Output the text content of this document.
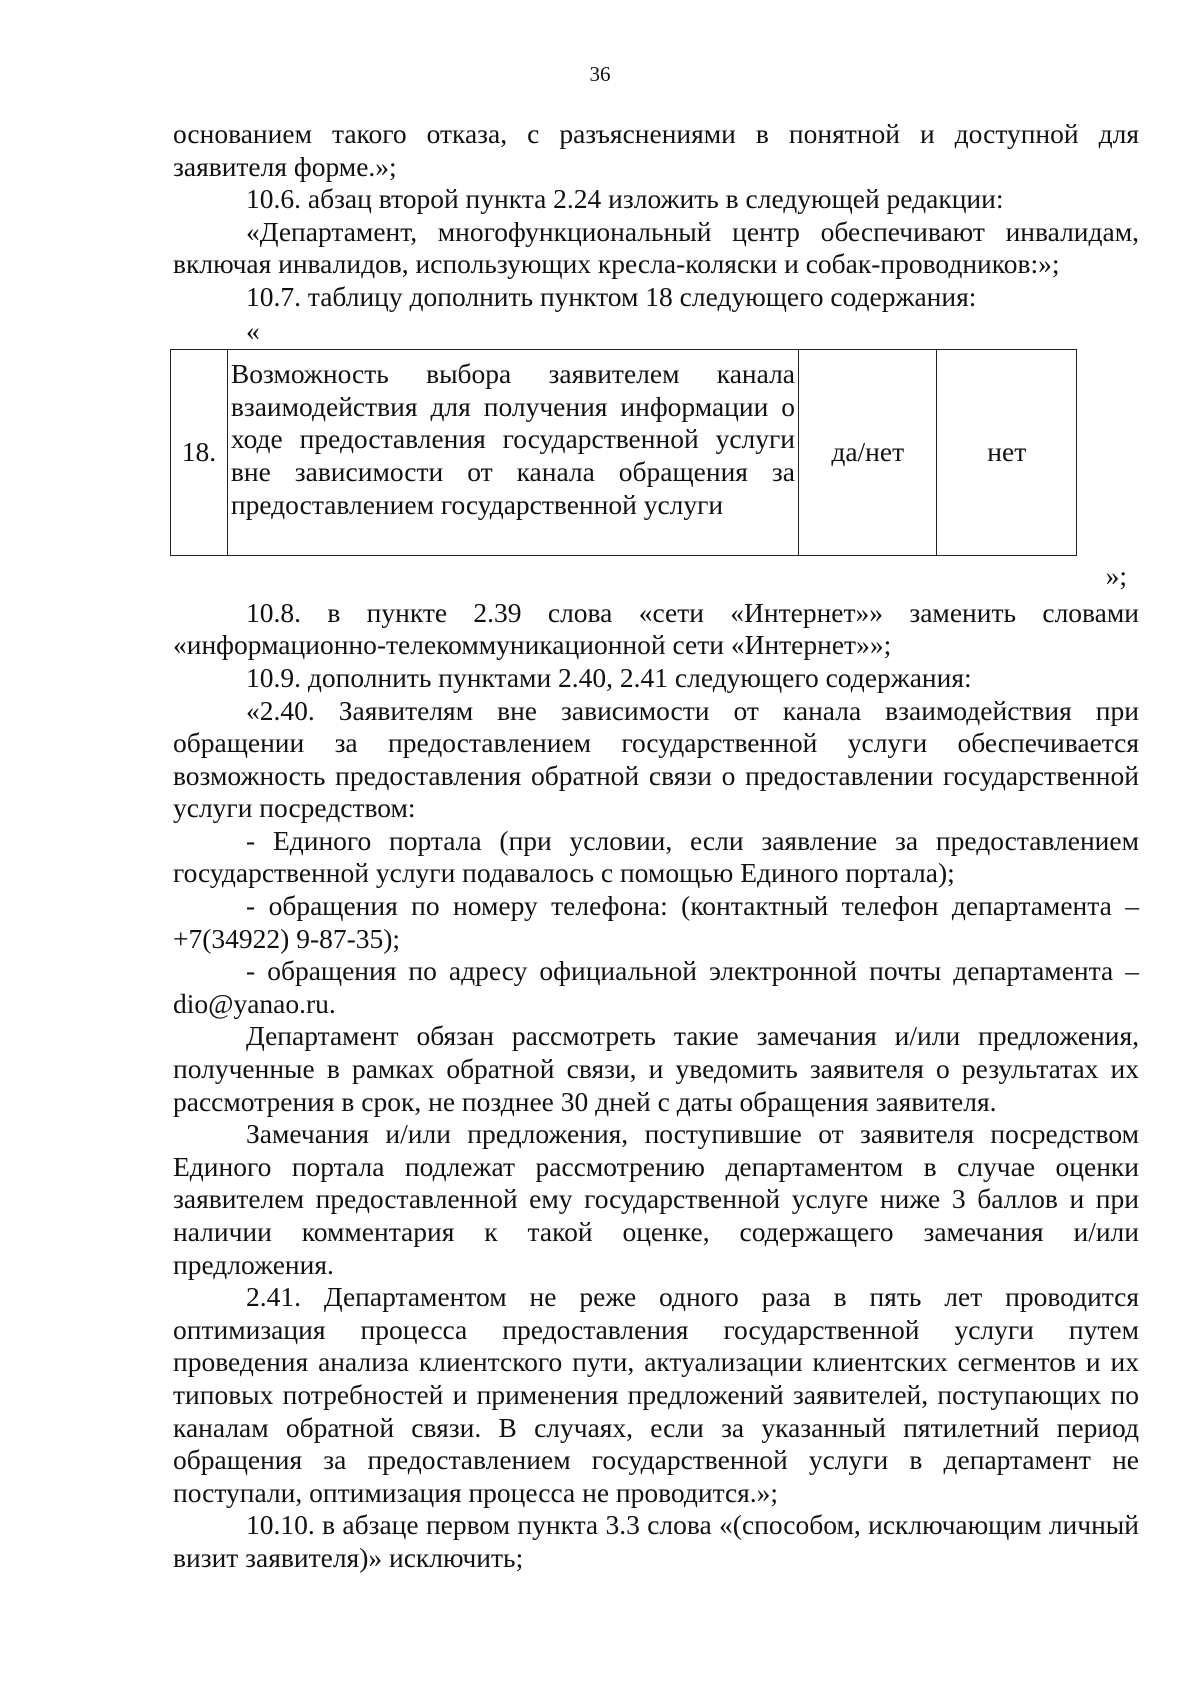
36

основанием такого отказа, с разъяснениями в понятной и доступной для заявителя форме.»;

10.6. абзац второй пункта 2.24 изложить в следующей редакции:

«Департамент, многофункциональный центр обеспечивают инвалидам, включая инвалидов, использующих кресла-коляски и собак-проводников:»;

10.7. таблицу дополнить пунктом 18 следующего содержания:

«

18.	Возможность выбора заявителем канала взаимодействия для получения информации о ходе предоставления государственной услуги вне зависимости от канала обращения за предоставлением государственной услуги	да/нет	нет

»;

10.8. в пункте 2.39 слова «сети «Интернет»» заменить словами «информационно-телекоммуникационной сети «Интернет»»;

10.9. дополнить пунктами 2.40, 2.41 следующего содержания:

«2.40. Заявителям вне зависимости от канала взаимодействия при обращении за предоставлением государственной услуги обеспечивается возможность предоставления обратной связи о предоставлении государственной услуги посредством:

- Единого портала (при условии, если заявление за предоставлением государственной услуги подавалось с помощью Единого портала);

- обращения по номеру телефона: (контактный телефон департамента – +7(34922) 9-87-35);

- обращения по адресу официальной электронной почты департамента – dio@yanao.ru.

Департамент обязан рассмотреть такие замечания и/или предложения, полученные в рамках обратной связи, и уведомить заявителя о результатах их рассмотрения в срок, не позднее 30 дней с даты обращения заявителя.

Замечания и/или предложения, поступившие от заявителя посредством Единого портала подлежат рассмотрению департаментом в случае оценки заявителем предоставленной ему государственной услуге ниже 3 баллов и при наличии комментария к такой оценке, содержащего замечания и/или предложения.

2.41. Департаментом не реже одного раза в пять лет проводится оптимизация процесса предоставления государственной услуги путем проведения анализа клиентского пути, актуализации клиентских сегментов и их типовых потребностей и применения предложений заявителей, поступающих по каналам обратной связи. В случаях, если за указанный пятилетний период обращения за предоставлением государственной услуги в департамент не поступали, оптимизация процесса не проводится.»;

10.10. в абзаце первом пункта 3.3 слова «(способом, исключающим личный визит заявителя)» исключить;
